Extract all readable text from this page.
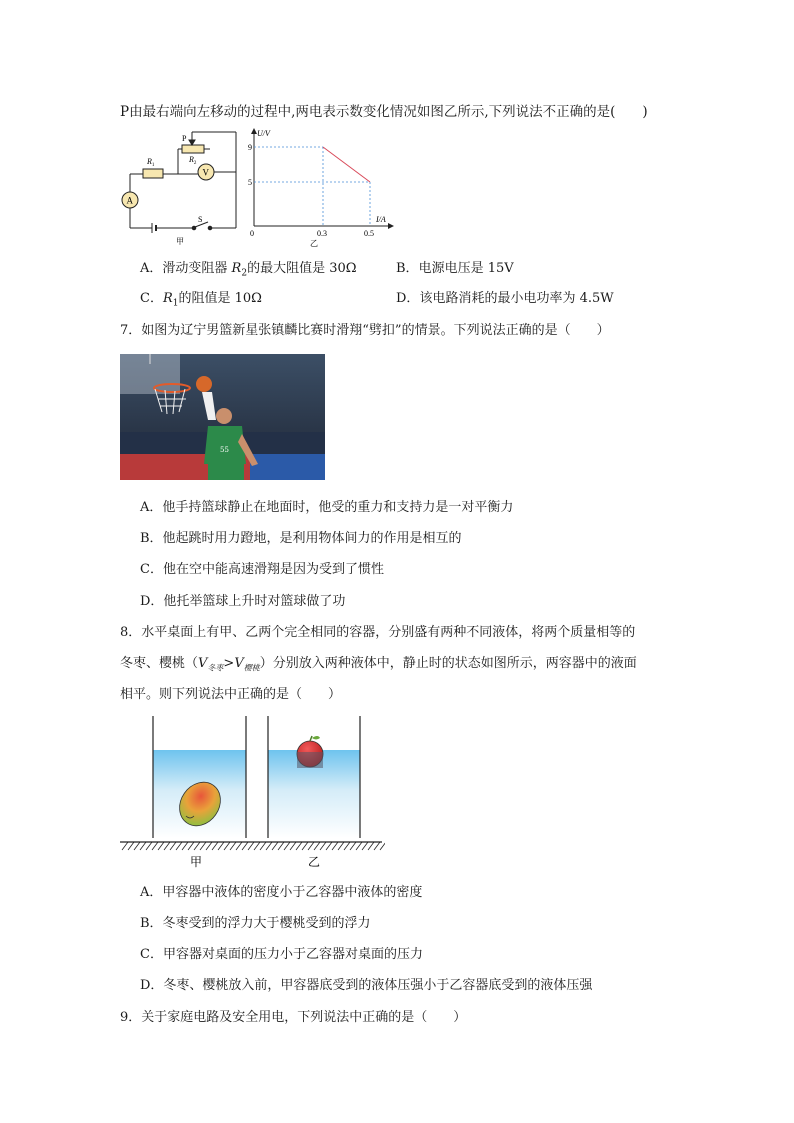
P由最右端向左移动的过程中,两电表示数变化情况如图乙所示,下列说法不正确的是(　　)
P
$R_1$
$R_2$
V
A
S
甲
U/V
I/A
9
5
0	0.3	0.5
乙
A．滑动变阻器 $R_2$的最大阻值是 30Ω	B．电源电压是 15V
C．$R_1$的阻值是 10Ω	D．该电路消耗的最小电功率为 4.5W
7．如图为辽宁男篮新星张镇麟比赛时滑翔“劈扣”的情景。下列说法正确的是（　　）
55
A．他手持篮球静止在地面时，他受的重力和支持力是一对平衡力
B．他起跳时用力蹬地，是利用物体间力的作用是相互的
C．他在空中能高速滑翔是因为受到了惯性
D．他托举篮球上升时对篮球做了功
8．水平桌面上有甲、乙两个完全相同的容器，分别盛有两种不同液体，将两个质量相等的
冬枣、樱桃$(V_{冬枣}>V_{樱桃})$分别放入两种液体中，静止时的状态如图所示，两容器中的液面
相平。则下列说法中正确的是（　　）
甲	乙
A．甲容器中液体的密度小于乙容器中液体的密度
B．冬枣受到的浮力大于樱桃受到的浮力
C．甲容器对桌面的压力小于乙容器对桌面的压力
D．冬枣、樱桃放入前，甲容器底受到的液体压强小于乙容器底受到的液体压强
9．关于家庭电路及安全用电，下列说法中正确的是（　　）
